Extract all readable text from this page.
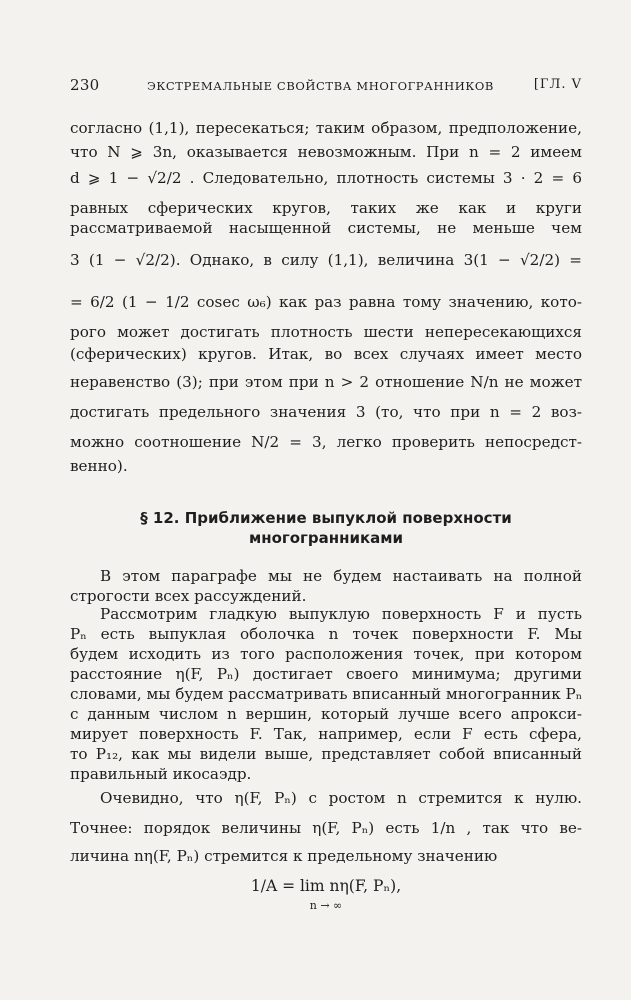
230	ЭКСТРЕМАЛЬНЫЕ СВОЙСТВА МНОГОГРАННИКОВ	[ГЛ. V
согласно (1,1), пересекаться; таким образом, предположение,
что N ⩾ 3n, оказывается невозможным. При n = 2 имеем
d ⩾ 1 − √2/2 . Следовательно, плотность системы 3 · 2 = 6
равных сферических кругов, таких же как и круги
рассматриваемой насыщенной системы, не меньше чем
3 (1 − √2/2). Однако, в силу (1,1), величина 3(1 − √2/2) =
= 6/2 (1 − 1/2 cosec ω₆) как раз равна тому значению, кото-
рого может достигать плотность шести непересекающихся
(сферических) кругов. Итак, во всех случаях имеет место
неравенство (3); при этом при n > 2 отношение N/n не может
достигать предельного значения 3 (то, что при n = 2 воз-
можно соотношение N/2 = 3, легко проверить непосредст-
венно).
§ 12. Приближение выпуклой поверхности
многогранниками
В этом параграфе мы не будем настаивать на полной
строгости всех рассуждений.
Рассмотрим гладкую выпуклую поверхность F и пусть
Pₙ есть выпуклая оболочка n точек поверхности F. Мы
будем исходить из того расположения точек, при котором
расстояние η(F, Pₙ) достигает своего минимума; другими
словами, мы будем рассматривать вписанный многогранник Pₙ
с данным числом n вершин, который лучше всего апрокси-
мирует поверхность F. Так, например, если F есть сфера,
то P₁₂, как мы видели выше, представляет собой вписанный
правильный икосаэдр.
Очевидно, что η(F, Pₙ) с ростом n стремится к нулю.
Точнее: порядок величины η(F, Pₙ) есть 1/n , так что ве-
личина nη(F, Pₙ) стремится к предельному значению
1/A = lim nη(F, Pₙ),
n → ∞
